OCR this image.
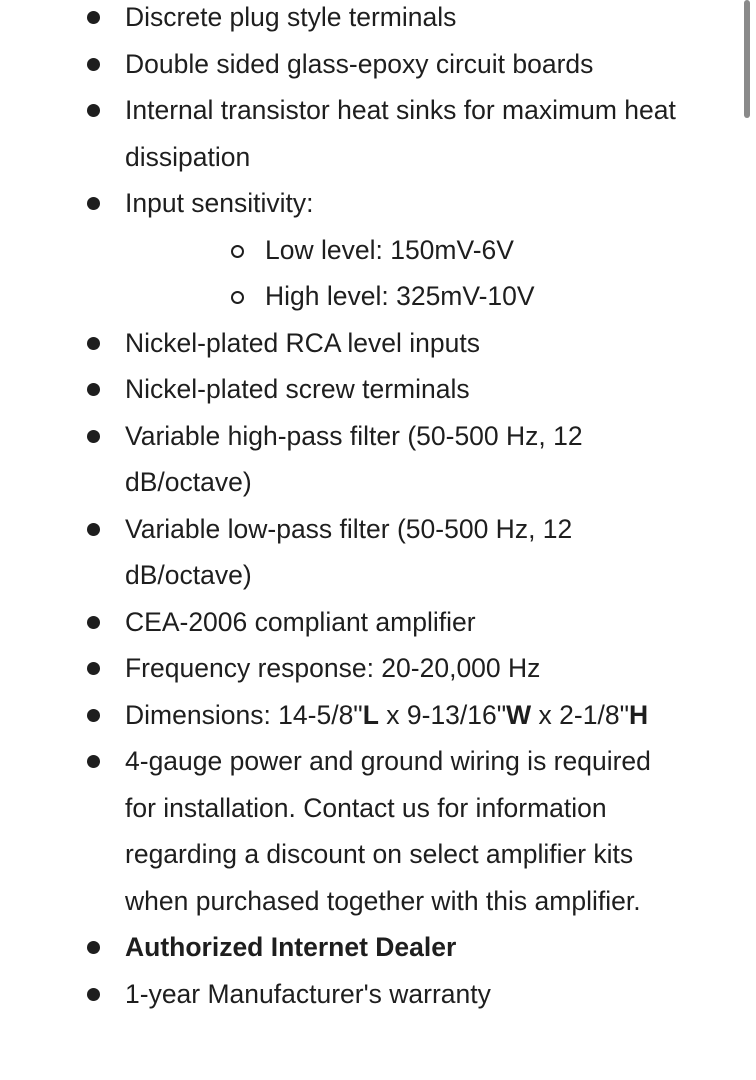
Discrete plug style terminals
Double sided glass-epoxy circuit boards
Internal transistor heat sinks for maximum heat dissipation
Input sensitivity:
Low level: 150mV-6V
High level: 325mV-10V
Nickel-plated RCA level inputs
Nickel-plated screw terminals
Variable high-pass filter (50-500 Hz, 12 dB/octave)
Variable low-pass filter (50-500 Hz, 12 dB/octave)
CEA-2006 compliant amplifier
Frequency response: 20-20,000 Hz
Dimensions: 14-5/8"L x 9-13/16"W x 2-1/8"H
4-gauge power and ground wiring is required for installation. Contact us for information regarding a discount on select amplifier kits when purchased together with this amplifier.
Authorized Internet Dealer
1-year Manufacturer's warranty
